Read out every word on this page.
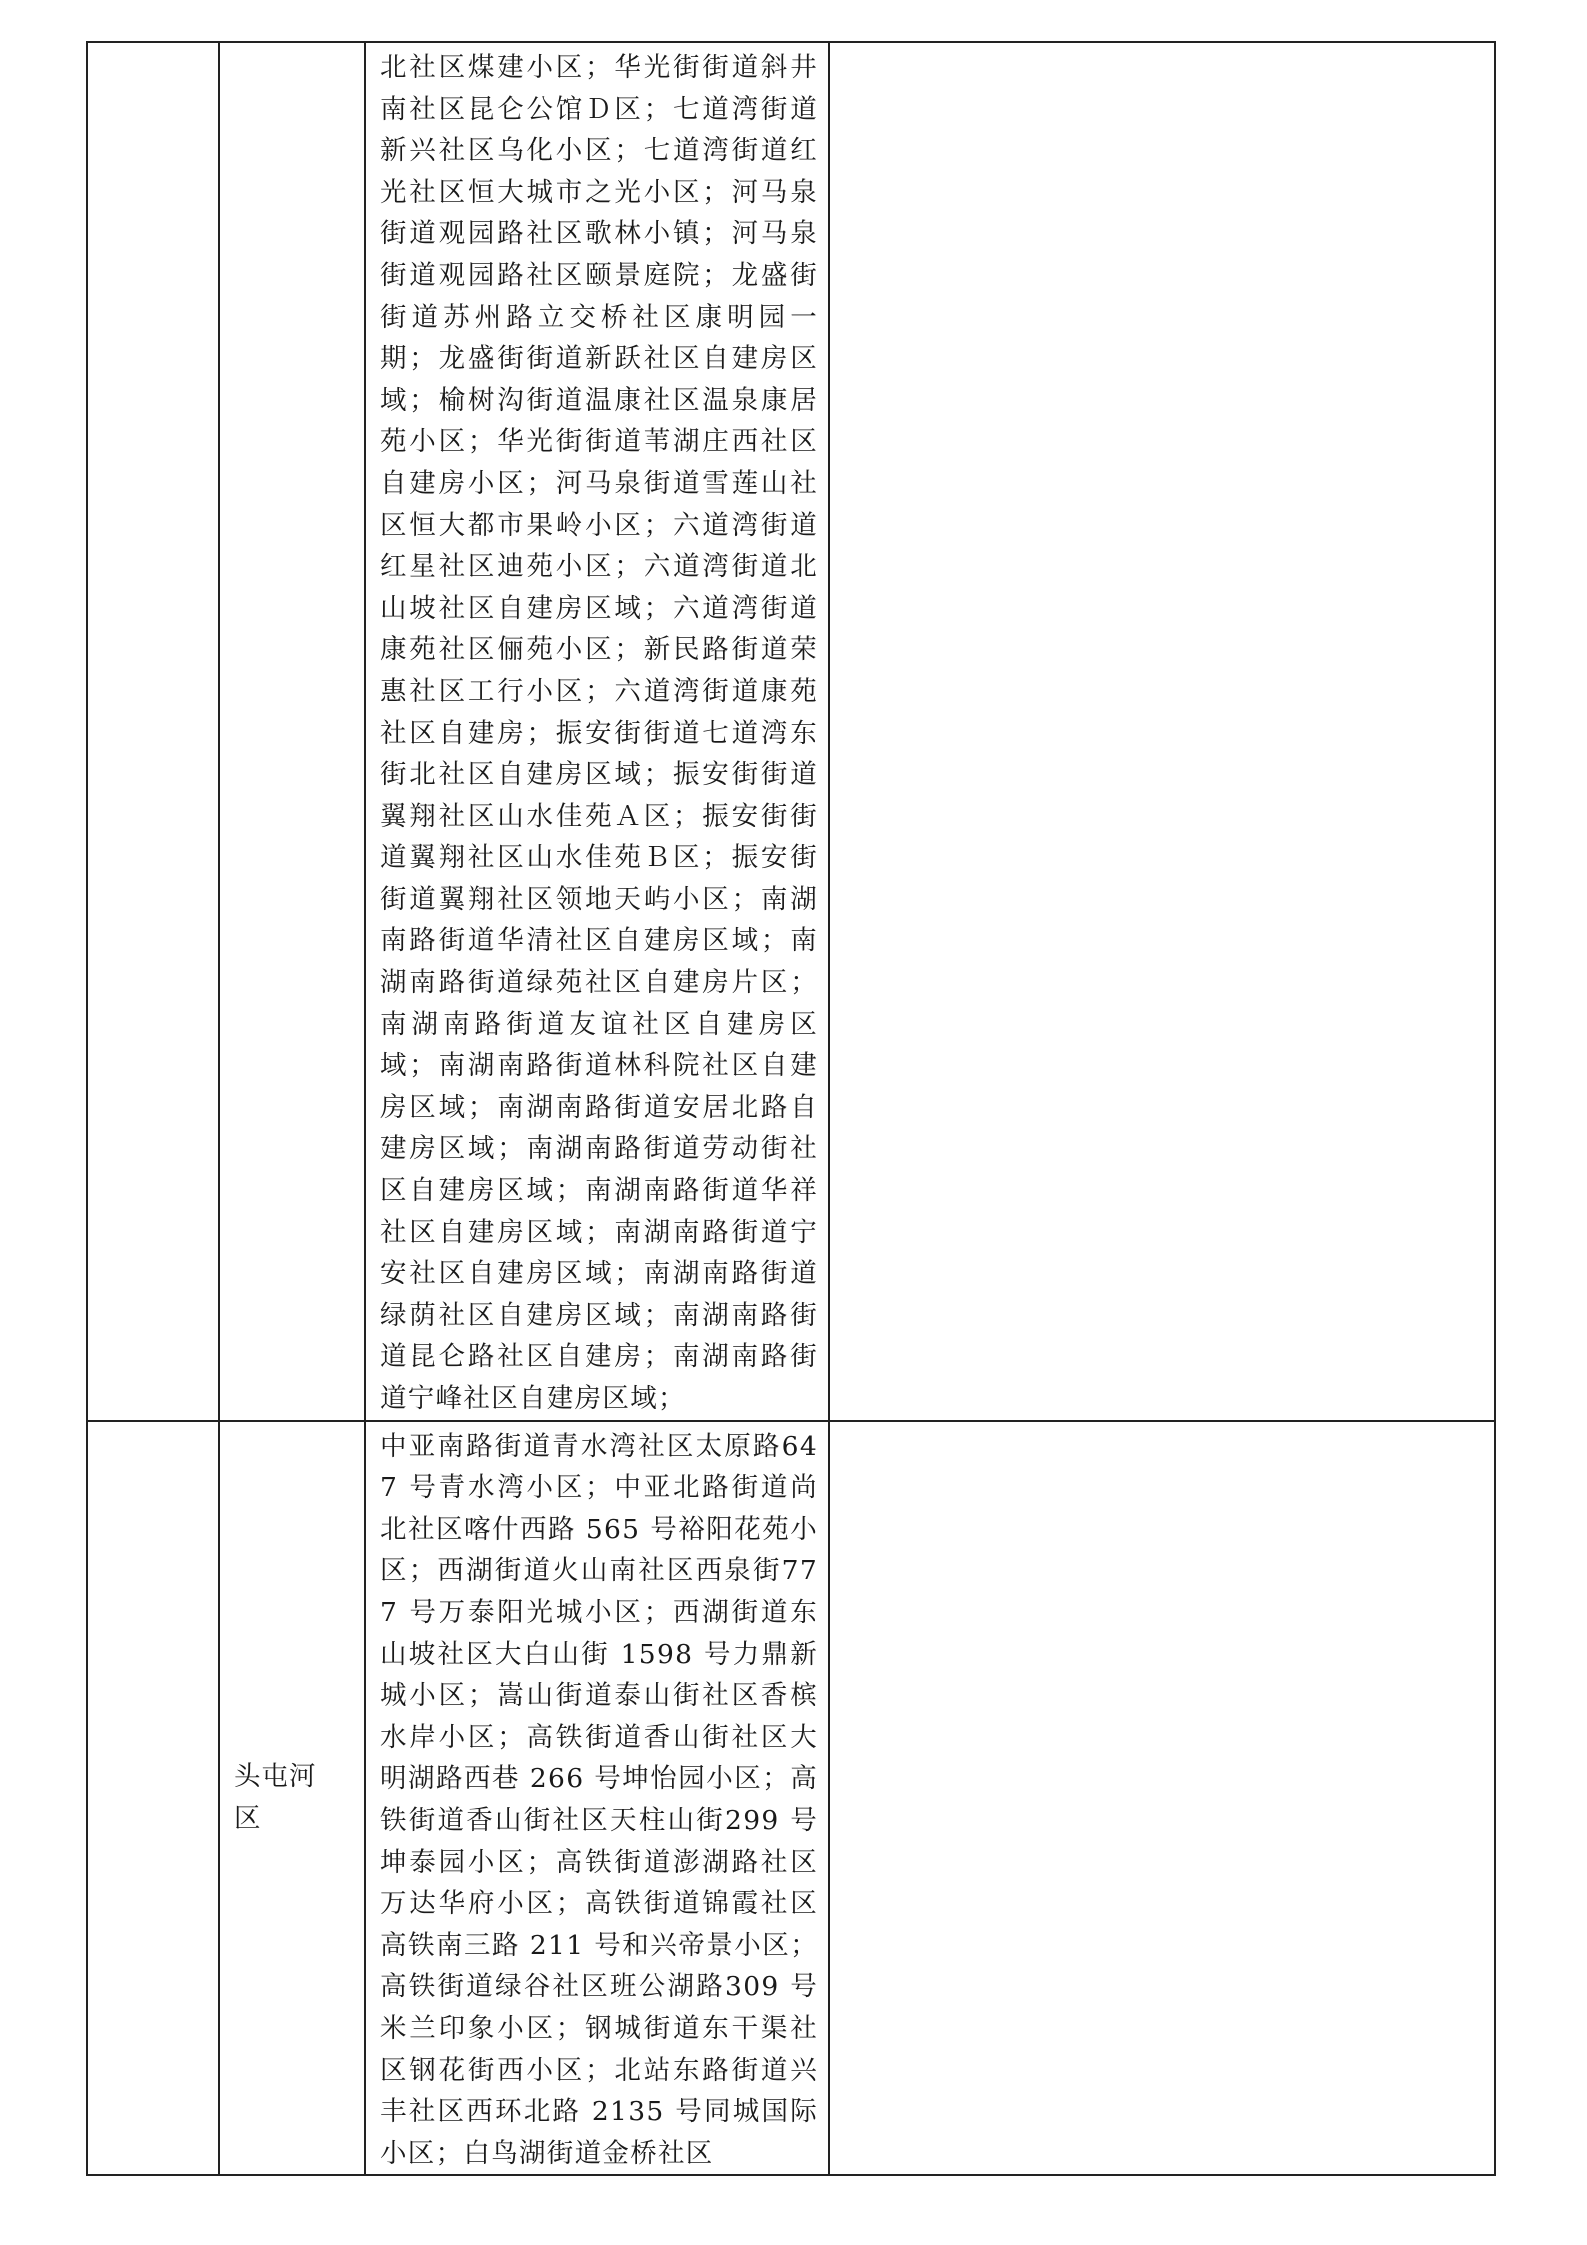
		北社区煤建小区；华光街街道斜井南社区昆仑公馆Ｄ区；七道湾街道新兴社区乌化小区；七道湾街道红光社区恒大城市之光小区；河马泉街道观园路社区歌林小镇；河马泉街道观园路社区颐景庭院；龙盛街街道苏州路立交桥社区康明园一期；龙盛街街道新跃社区自建房区域；榆树沟街道温康社区温泉康居苑小区；华光街街道苇湖庄西社区自建房小区；河马泉街道雪莲山社区恒大都市果岭小区；六道湾街道红星社区迪苑小区；六道湾街道北山坡社区自建房区域；六道湾街道康苑社区俪苑小区；新民路街道荣惠社区工行小区；六道湾街道康苑社区自建房；振安街街道七道湾东街北社区自建房区域；振安街街道翼翔社区山水佳苑Ａ区；振安街街道翼翔社区山水佳苑Ｂ区；振安街街道翼翔社区领地天屿小区；南湖南路街道华清社区自建房区域；南湖南路街道绿苑社区自建房片区；南湖南路街道友谊社区自建房区域；南湖南路街道林科院社区自建房区域；南湖南路街道安居北路自建房区域；南湖南路街道劳动街社区自建房区域；南湖南路街道华祥社区自建房区域；南湖南路街道宁安社区自建房区域；南湖南路街道绿荫社区自建房区域；南湖南路街道昆仑路社区自建房；南湖南路街道宁峰社区自建房区域；	

	头屯河区	中亚南路街道青水湾社区太原路647 号青水湾小区；中亚北路街道尚北社区喀什西路 565 号裕阳花苑小区；西湖街道火山南社区西泉街777 号万泰阳光城小区；西湖街道东山坡社区大白山街 1598 号力鼎新城小区；嵩山街道泰山街社区香槟水岸小区；高铁街道香山街社区大明湖路西巷 266 号坤怡园小区；高铁街道香山街社区天柱山街299 号坤泰园小区；高铁街道澎湖路社区万达华府小区；高铁街道锦霞社区高铁南三路 211 号和兴帝景小区；高铁街道绿谷社区班公湖路309 号米兰印象小区；钢城街道东干渠社区钢花街西小区；北站东路街道兴丰社区西环北路 2135 号同城国际小区；白鸟湖街道金桥社区	
